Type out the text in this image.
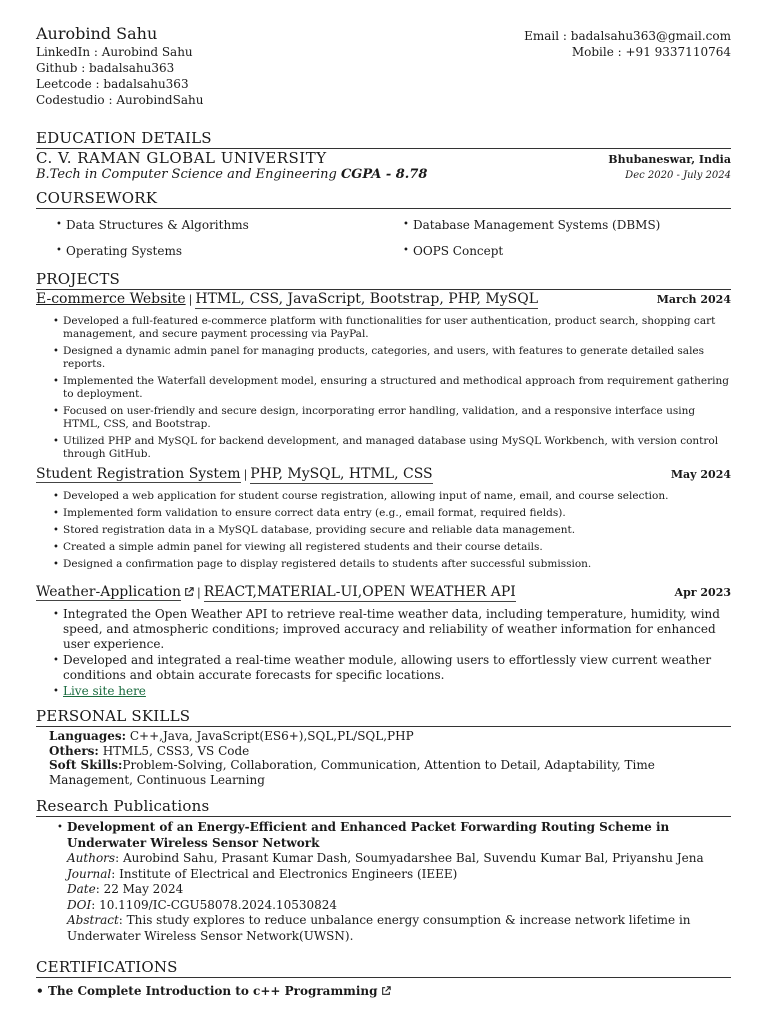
Aurobind Sahu
LinkedIn : Aurobind Sahu
Github : badalsahu363
Leetcode : badalsahu363
Codestudio : AurobindSahu
Email : badalsahu363@gmail.com
Mobile : +91 9337110764
EDUCATION DETAILS
C. V. RAMAN GLOBAL UNIVERSITY	Bhubaneswar, India
B.Tech in Computer Science and Engineering CGPA - 8.78	Dec 2020 - July 2024
COURSEWORK
• Data Structures & Algorithms	• Database Management Systems (DBMS)
• Operating Systems	• OOPS Concept
PROJECTS
E-commerce Website | HTML, CSS, JavaScript, Bootstrap, PHP, MySQL	March 2024
• Developed a full-featured e-commerce platform with functionalities for user authentication, product search, shopping cart management, and secure payment processing via PayPal.
• Designed a dynamic admin panel for managing products, categories, and users, with features to generate detailed sales reports.
• Implemented the Waterfall development model, ensuring a structured and methodical approach from requirement gathering to deployment.
• Focused on user-friendly and secure design, incorporating error handling, validation, and a responsive interface using HTML, CSS, and Bootstrap.
• Utilized PHP and MySQL for backend development, and managed database using MySQL Workbench, with version control through GitHub.
Student Registration System | PHP, MySQL, HTML, CSS	May 2024
• Developed a web application for student course registration, allowing input of name, email, and course selection.
• Implemented form validation to ensure correct data entry (e.g., email format, required fields).
• Stored registration data in a MySQL database, providing secure and reliable data management.
• Created a simple admin panel for viewing all registered students and their course details.
• Designed a confirmation page to display registered details to students after successful submission.
Weather-Application | REACT,MATERIAL-UI,OPEN WEATHER API	Apr 2023
• Integrated the Open Weather API to retrieve real-time weather data, including temperature, humidity, wind speed, and atmospheric conditions; improved accuracy and reliability of weather information for enhanced user experience.
• Developed and integrated a real-time weather module, allowing users to effortlessly view current weather conditions and obtain accurate forecasts for specific locations.
• Live site here
PERSONAL SKILLS
Languages: C++,Java, JavaScript(ES6+),SQL,PL/SQL,PHP
Others: HTML5, CSS3, VS Code
Soft Skills:Problem-Solving, Collaboration, Communication, Attention to Detail, Adaptability, Time Management, Continuous Learning
Research Publications
• Development of an Energy-Efficient and Enhanced Packet Forwarding Routing Scheme in Underwater Wireless Sensor Network
Authors: Aurobind Sahu, Prasant Kumar Dash, Soumyadarshee Bal, Suvendu Kumar Bal, Priyanshu Jena
Journal: Institute of Electrical and Electronics Engineers (IEEE)
Date: 22 May 2024
DOI: 10.1109/IC-CGU58078.2024.10530824
Abstract: This study explores to reduce unbalance energy consumption & increase network lifetime in Underwater Wireless Sensor Network(UWSN).
CERTIFICATIONS
• The Complete Introduction to c++ Programming
